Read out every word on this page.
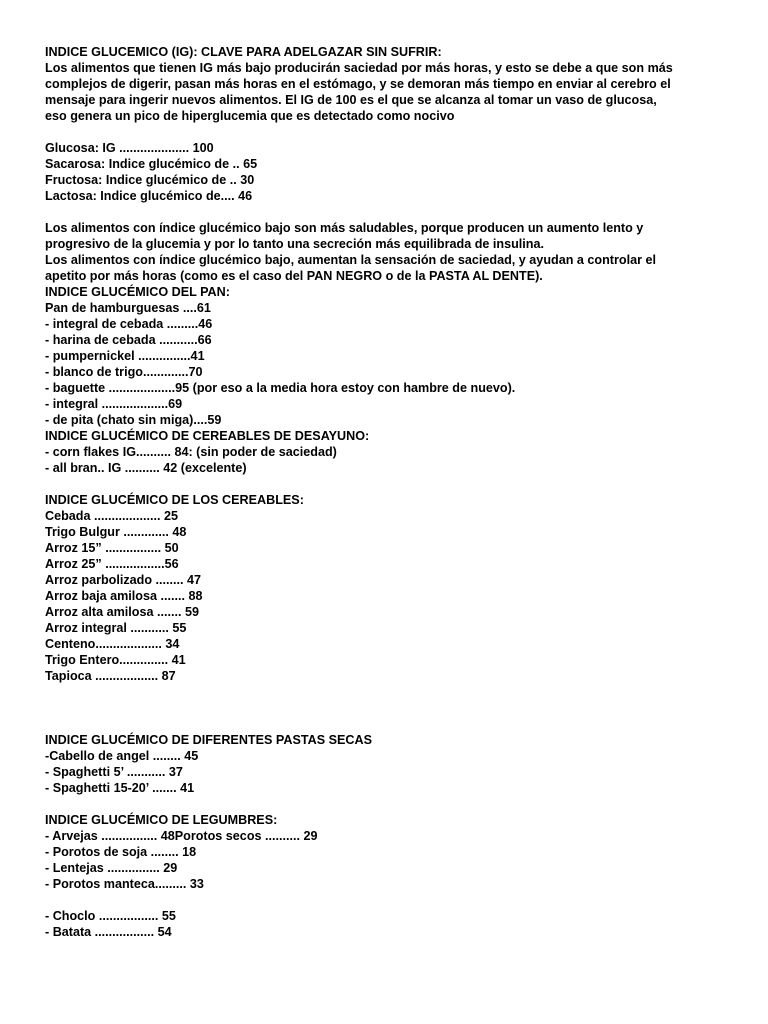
INDICE GLUCEMICO (IG): CLAVE PARA ADELGAZAR SIN SUFRIR:
Los alimentos que tienen IG más bajo producirán saciedad por más horas, y esto se debe a que son más
complejos de digerir, pasan más horas en el estómago, y se demoran más tiempo en enviar al cerebro el
mensaje para ingerir nuevos alimentos. El IG de 100 es el que se alcanza al tomar un vaso de glucosa,
eso genera un pico de hiperglucemia que es detectado como nocivo
Glucosa: IG .................... 100
Sacarosa: Indice glucémico de .. 65
Fructosa: Indice glucémico de .. 30
Lactosa: Indice glucémico de.... 46
Los alimentos con índice glucémico bajo son más saludables, porque producen un aumento lento y
progresivo de la glucemia y por lo tanto una secreción más equilibrada de insulina.
Los alimentos con índice glucémico bajo, aumentan la sensación de saciedad, y ayudan a controlar el
apetito por más horas (como es el caso del PAN NEGRO o de la PASTA AL DENTE).
INDICE GLUCÉMICO DEL PAN:
Pan de hamburguesas ....61
- integral de cebada .........46
- harina de cebada ...........66
- pumpernickel ...............41
- blanco de trigo.............70
- baguette ...................95 (por eso a la media hora estoy con hambre de nuevo).
- integral ...................69
- de pita (chato sin miga)....59
INDICE GLUCÉMICO DE CEREABLES DE DESAYUNO:
- corn flakes IG.......... 84: (sin poder de saciedad)
- all bran.. IG .......... 42 (excelente)
INDICE GLUCÉMICO DE LOS CEREABLES:
Cebada ................... 25
Trigo Bulgur ............. 48
Arroz 15” ................ 50
Arroz 25” .................56
Arroz parbolizado ........ 47
Arroz baja amilosa ....... 88
Arroz alta amilosa ....... 59
Arroz integral ........... 55
Centeno................... 34
Trigo Entero.............. 41
Tapioca .................. 87
INDICE GLUCÉMICO DE DIFERENTES PASTAS SECAS
-Cabello de angel ........ 45
- Spaghetti 5’ ........... 37
- Spaghetti 15-20’ ....... 41
INDICE GLUCÉMICO DE LEGUMBRES:
- Arvejas ................ 48Porotos secos .......... 29
- Porotos de soja ........ 18
- Lentejas ............... 29
- Porotos manteca......... 33
- Choclo ................. 55
- Batata ................. 54
